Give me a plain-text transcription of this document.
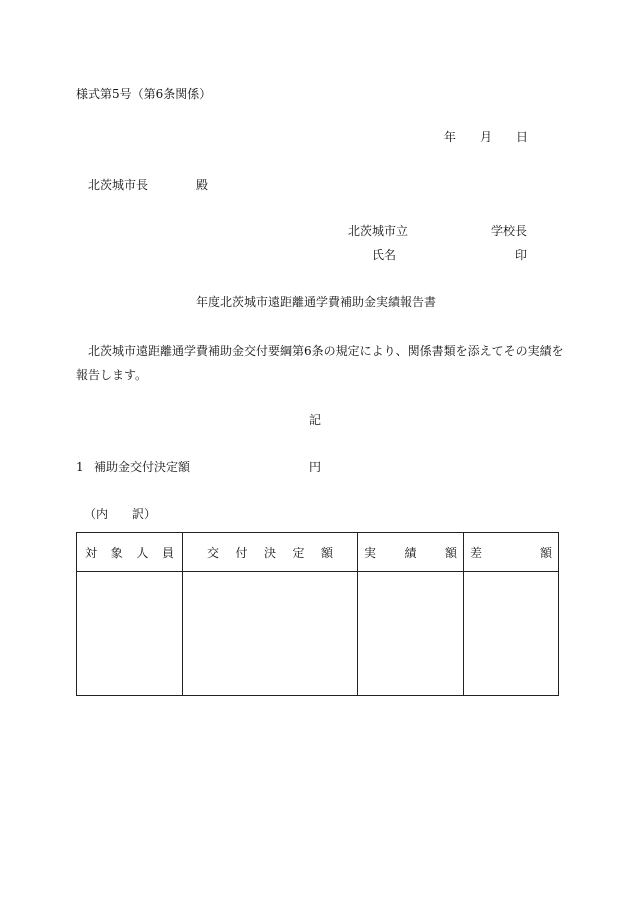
様式第5号（第6条関係）
年 月 日
北茨城市長	殿
北茨城市立	学校長
氏名	印
年度北茨城市遠距離通学費補助金実績報告書
北茨城市遠距離通学費補助金交付要綱第6条の規定により、関係書類を添えてその実績を
報告します。
記
1 補助金交付決定額	円
（内　　訳）
対 象 人 員	交 付 決 定 額	実 績 額	差 額
